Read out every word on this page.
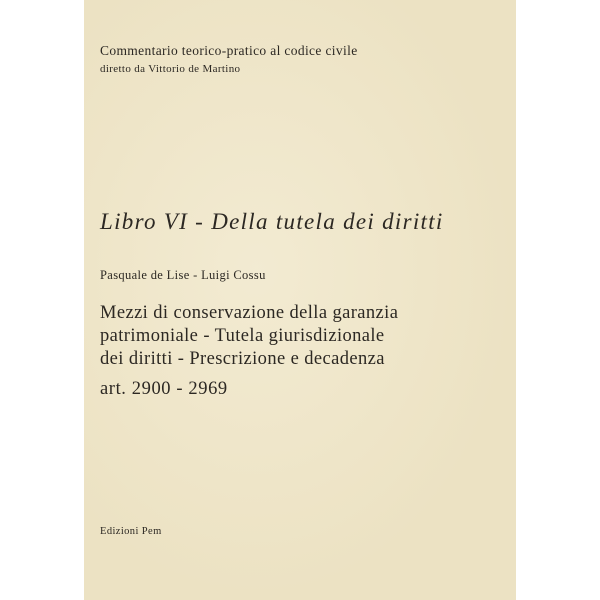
Commentario teorico-pratico al codice civile

diretto da Vittorio de Martino

Libro VI - Della tutela dei diritti

Pasquale de Lise - Luigi Cossu

Mezzi di conservazione della garanzia
patrimoniale - Tutela giurisdizionale
dei diritti - Prescrizione e decadenza

art. 2900 - 2969

Edizioni Pem
